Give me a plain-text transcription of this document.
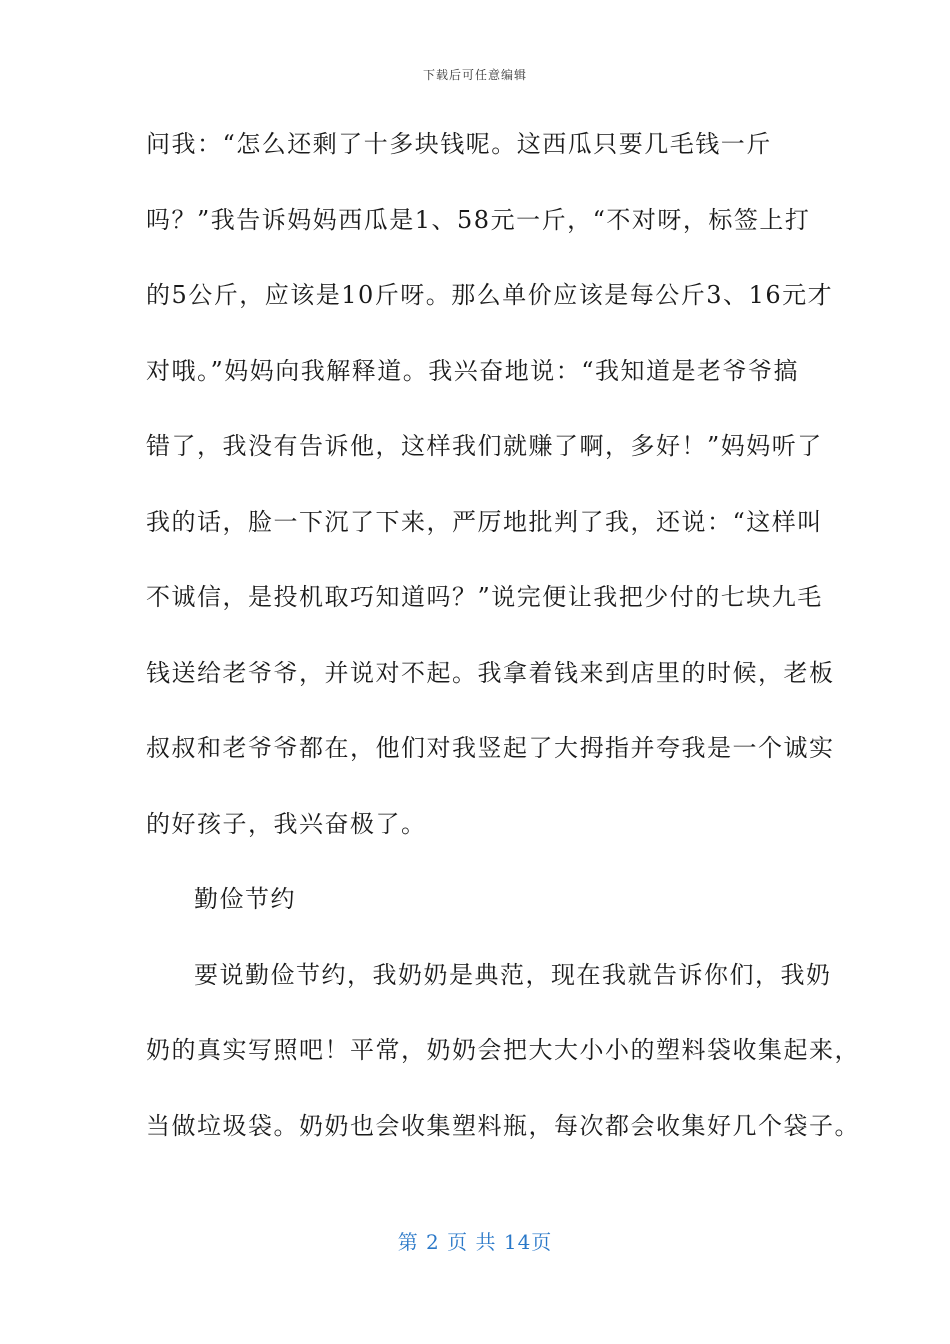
下载后可任意编辑
问我：“怎么还剩了十多块钱呢。这西瓜只要几毛钱一斤
吗？”我告诉妈妈西瓜是1、58元一斤，“不对呀，标签上打
的5公斤，应该是10斤呀。那么单价应该是每公斤3、16元才
对哦。”妈妈向我解释道。我兴奋地说：“我知道是老爷爷搞
错了，我没有告诉他，这样我们就赚了啊，多好！”妈妈听了
我的话，脸一下沉了下来，严厉地批判了我，还说：“这样叫
不诚信，是投机取巧知道吗？”说完便让我把少付的七块九毛
钱送给老爷爷，并说对不起。我拿着钱来到店里的时候，老板
叔叔和老爷爷都在，他们对我竖起了大拇指并夸我是一个诚实
的好孩子，我兴奋极了。
勤俭节约
要说勤俭节约，我奶奶是典范，现在我就告诉你们，我奶
奶的真实写照吧！平常，奶奶会把大大小小的塑料袋收集起来，
当做垃圾袋。奶奶也会收集塑料瓶，每次都会收集好几个袋子。
第 2 页 共 14页
